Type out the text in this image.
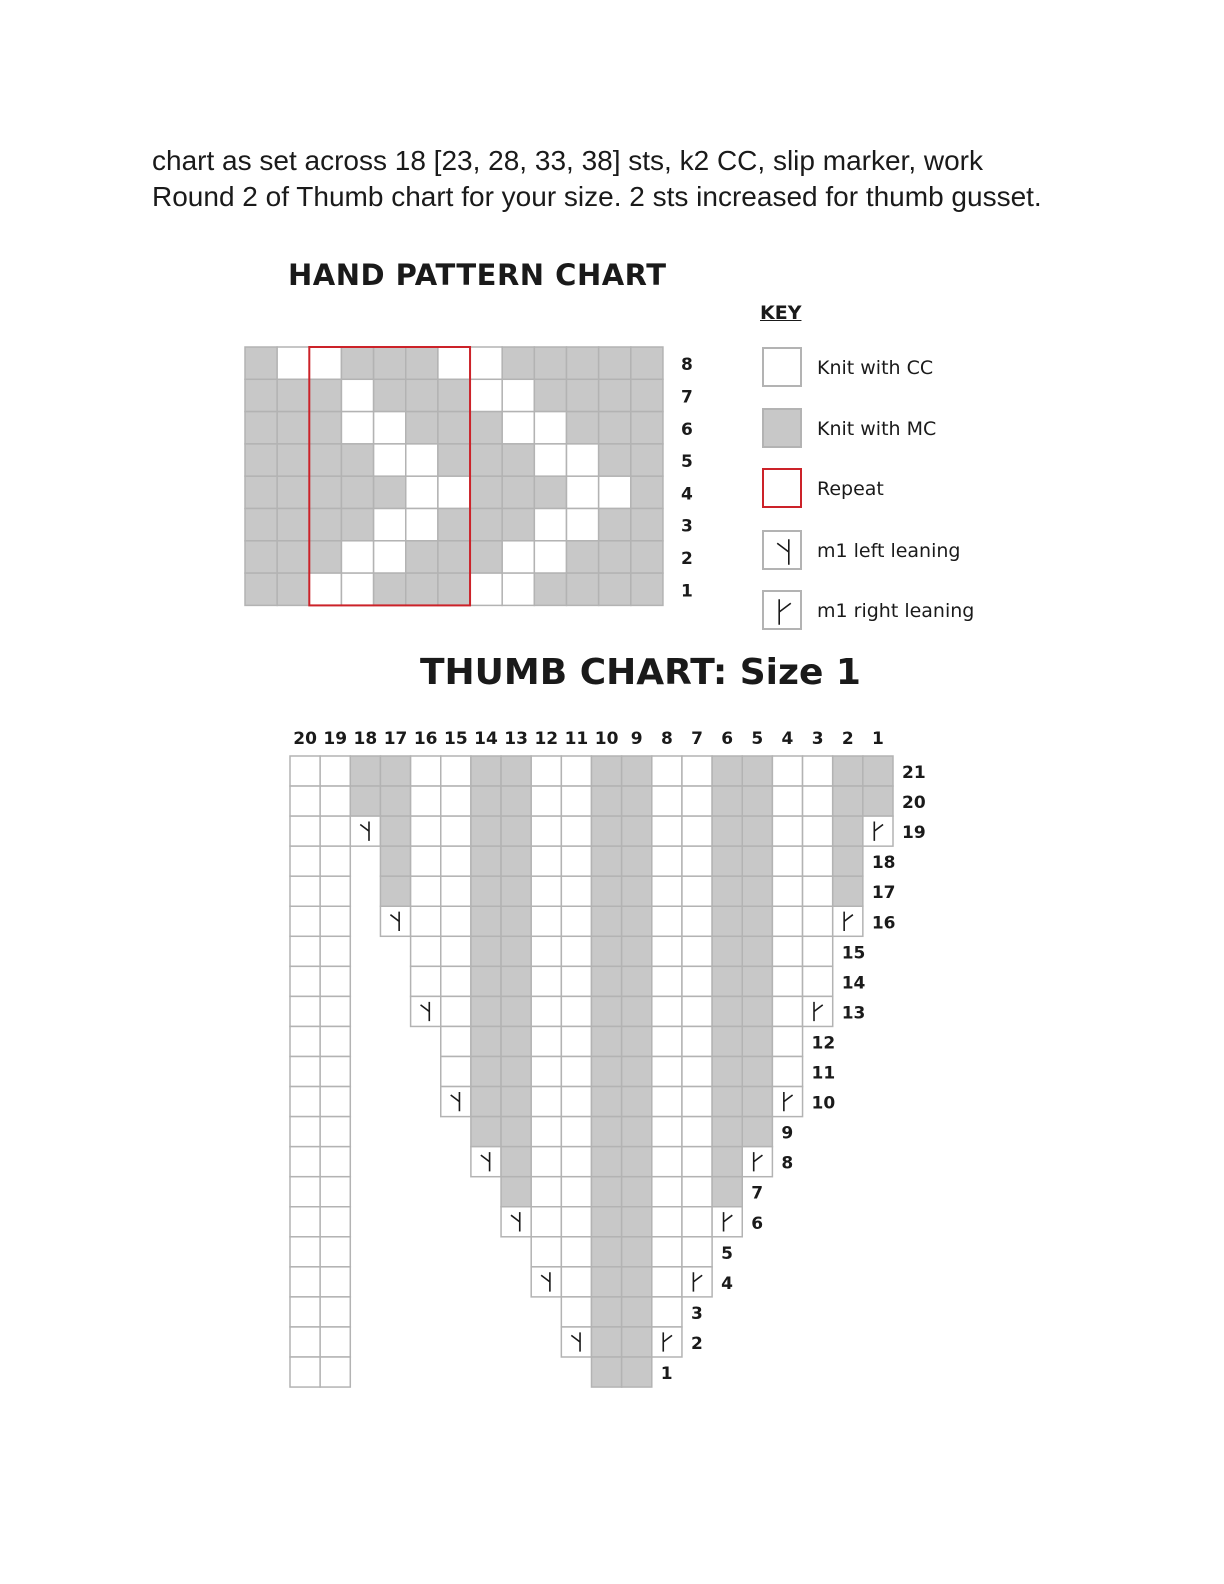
chart as set across 18 [23, 28, 33, 38] sts, k2 CC, slip marker, work Round 2 of Thumb chart for your size. 2 sts increased for thumb gusset.

HAND PATTERN CHART
8
7
6
5
4
3
2
1
KEY
Knit with CC
Knit with MC
Repeat
m1 left leaning
m1 right leaning
THUMB CHART: Size 1
20 19 18 17 16 15 14 13 12 11 10 9 8 7 6 5 4 3 2 1
21
20
19
18
17
16
15
14
13
12
11
10
9
8
7
6
5
4
3
2
1
